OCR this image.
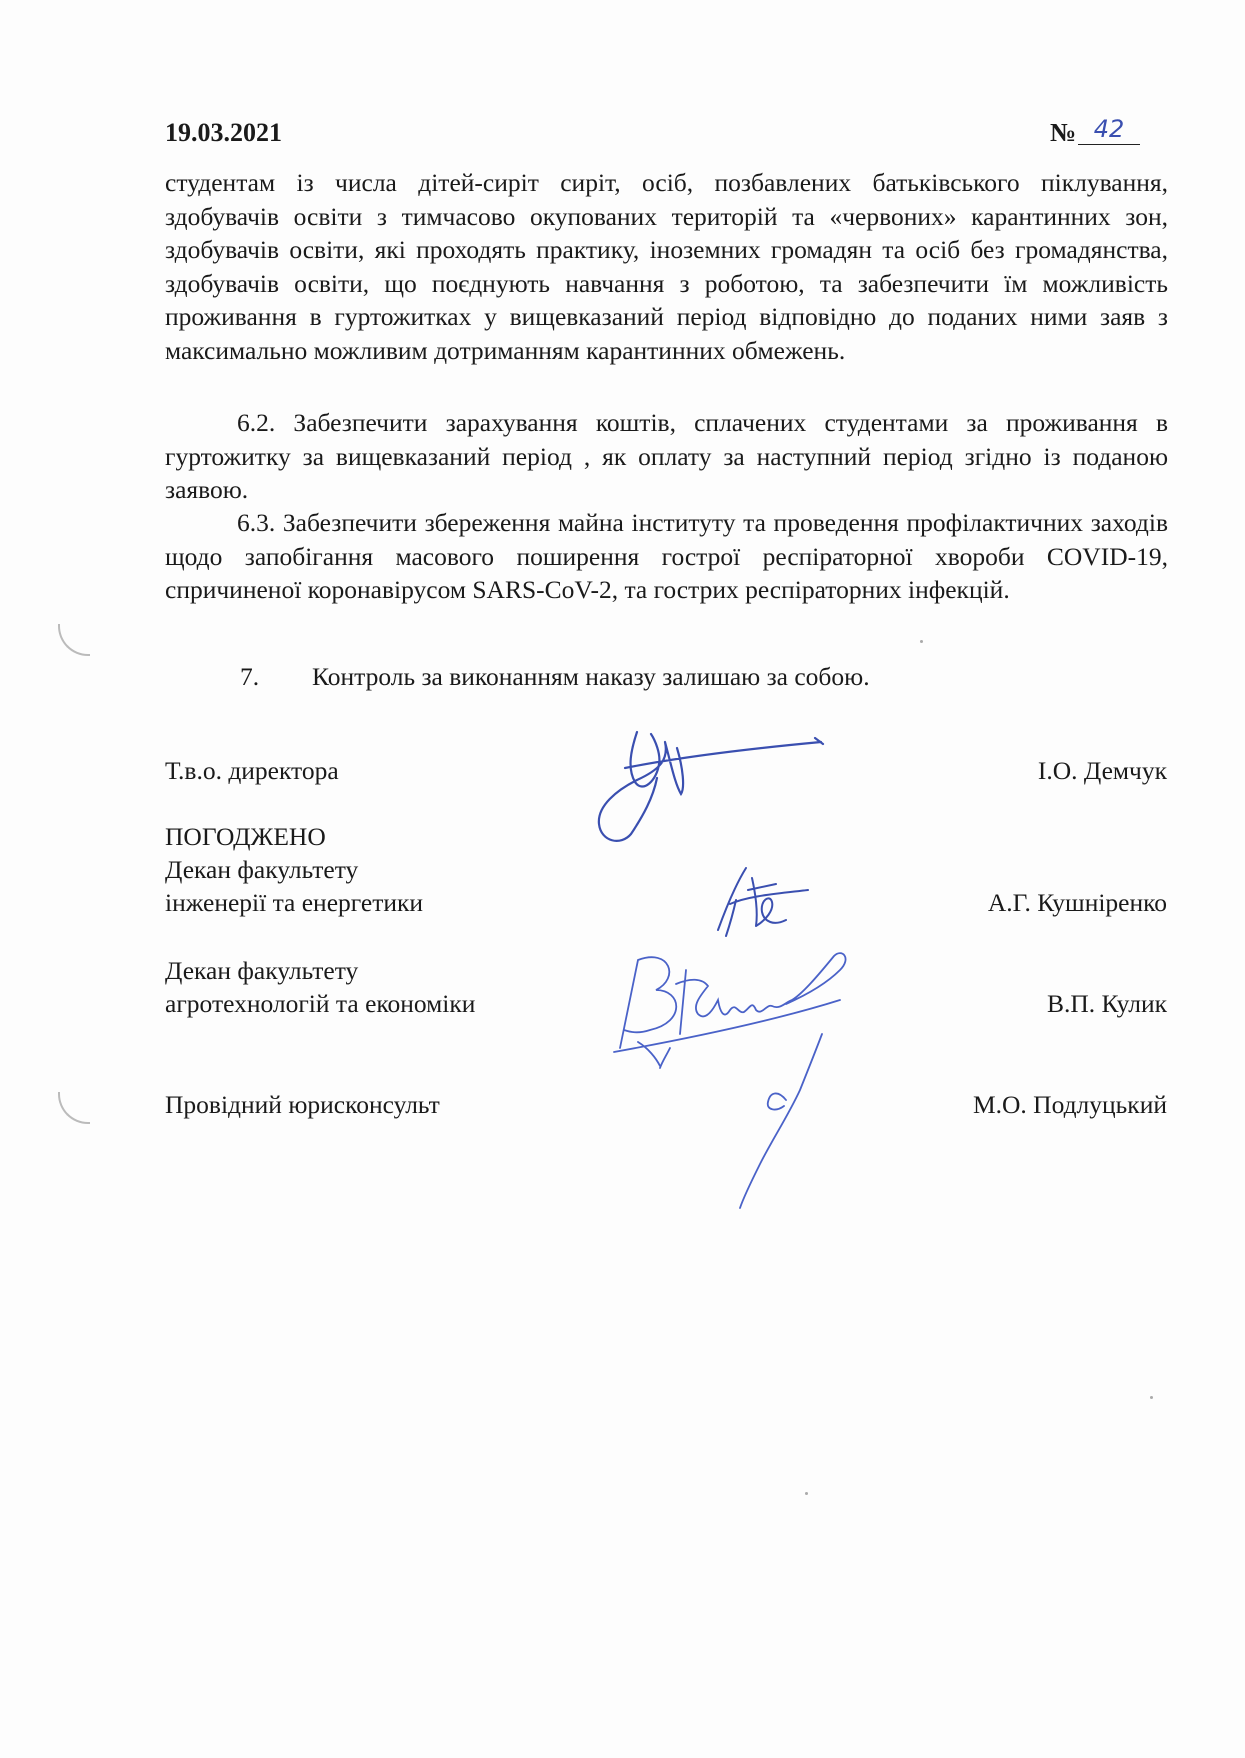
19.03.2021	№ 42
студентам із числа дітей-сиріт сиріт, осіб, позбавлених батьківського піклування, здобувачів освіти з тимчасово окупованих територій та «червоних» карантинних зон, здобувачів освіти, які проходять практику, іноземних громадян та осіб без громадянства, здобувачів освіти, що поєднують навчання з роботою, та забезпечити їм можливість проживання в гуртожитках у вищевказаний період відповідно до поданих ними заяв з максимально можливим дотриманням карантинних обмежень.
6.2. Забезпечити зарахування коштів, сплачених студентами за проживання в гуртожитку за вищевказаний період , як оплату за наступний період згідно із поданою заявою.
6.3. Забезпечити збереження майна інституту та проведення профілактичних заходів щодо запобігання масового поширення гострої респіраторної хвороби COVID-19, спричиненої коронавірусом SARS-CoV-2, та гострих респіраторних інфекцій.
7. Контроль за виконанням наказу залишаю за собою.
Т.в.о. директора	І.О. Демчук
ПОГОДЖЕНО
Декан факультету
інженерії та енергетики	А.Г. Кушніренко
Декан факультету
агротехнологій та економіки	В.П. Кулик
Провідний юрисконсульт	М.О. Подлуцький
